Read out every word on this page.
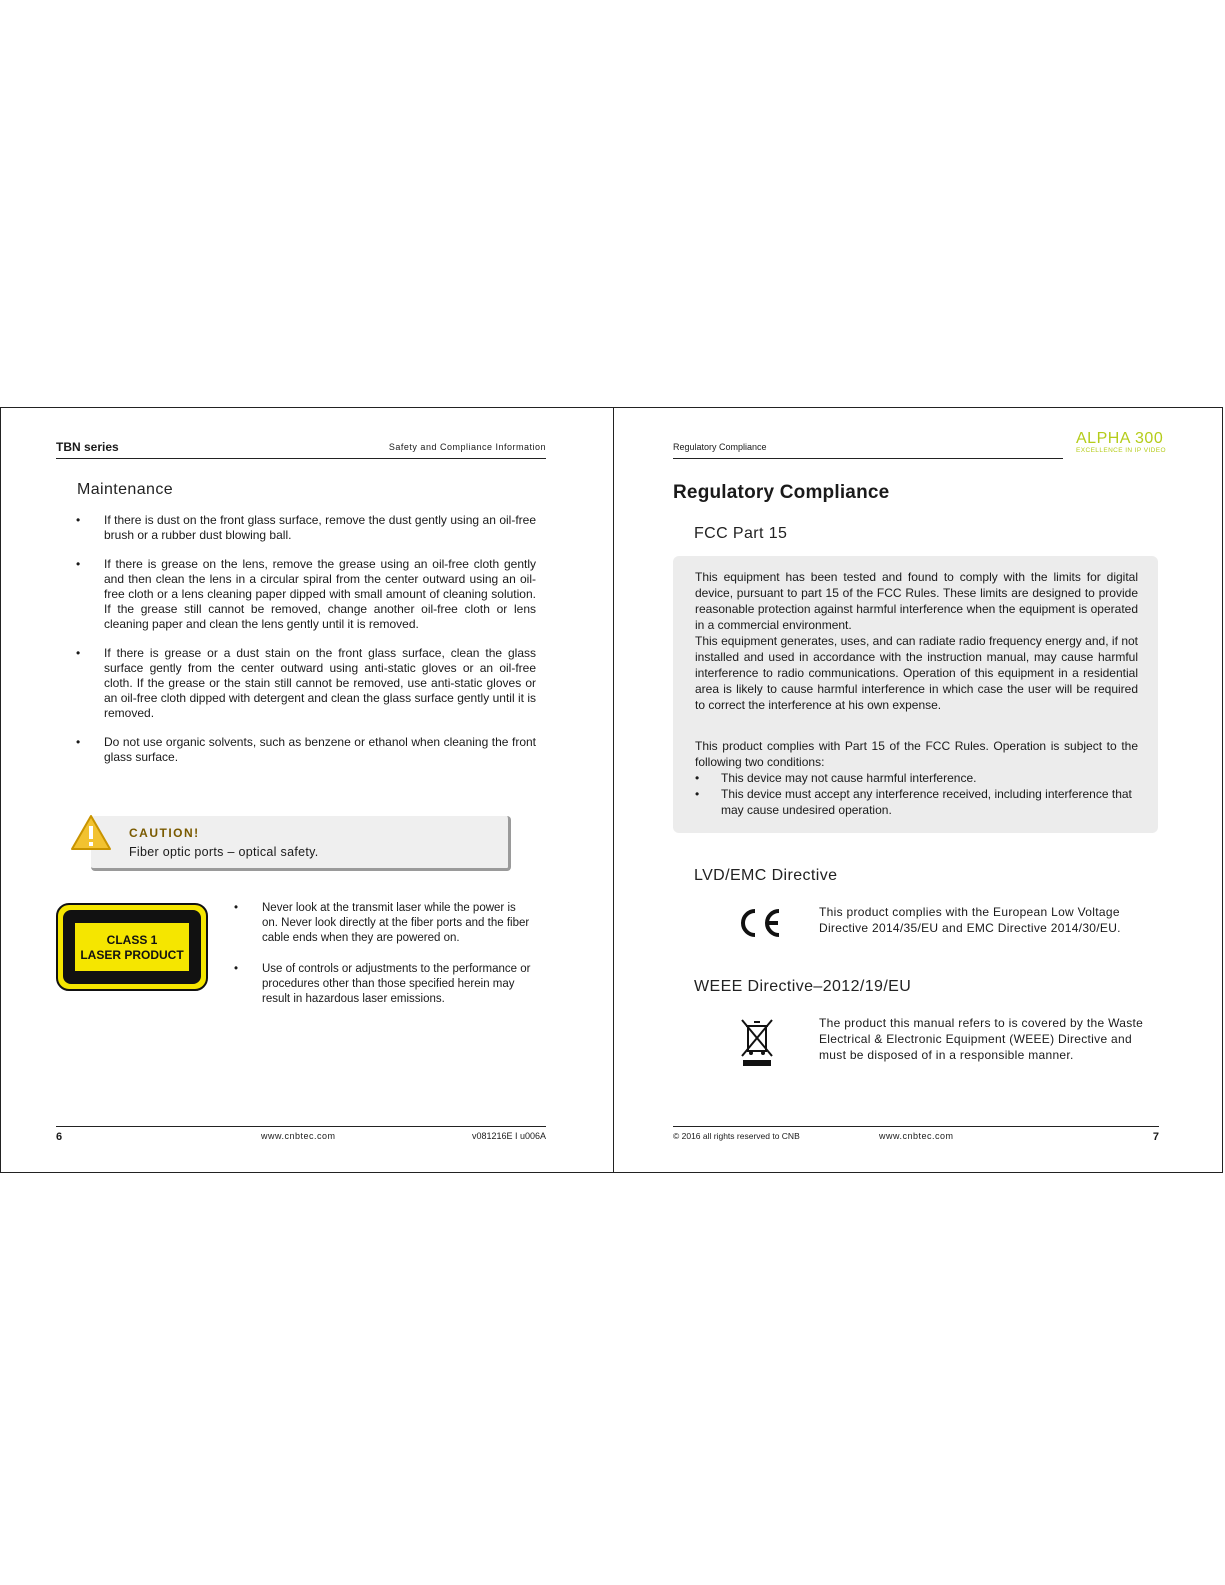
TBN series	Safety and Compliance Information
Maintenance
• If there is dust on the front glass surface, remove the dust gently using an oil-free brush or a rubber dust blowing ball.
• If there is grease on the lens, remove the grease using an oil-free cloth gently and then clean the lens in a circular spiral from the center outward using an oil-free cloth or a lens cleaning paper dipped with small amount of cleaning solution. If the grease still cannot be removed, change another oil-free cloth or lens cleaning paper and clean the lens gently until it is removed.
• If there is grease or a dust stain on the front glass surface, clean the glass surface gently from the center outward using anti-static gloves or an oil-free cloth. If the grease or the stain still cannot be removed, use anti-static gloves or an oil-free cloth dipped with detergent and clean the glass surface gently until it is removed.
• Do not use organic solvents, such as benzene or ethanol when cleaning the front glass surface.
CAUTION!
Fiber optic ports – optical safety.
CLASS 1
LASER PRODUCT
• Never look at the transmit laser while the power is on. Never look directly at the fiber ports and the fiber cable ends when they are powered on.
• Use of controls or adjustments to the performance or procedures other than those specified herein may result in hazardous laser emissions.
6	www.cnbtec.com	v081216E I u006A
Regulatory Compliance	ALPHA 300
EXCELLENCE IN IP VIDEO
Regulatory Compliance
FCC Part 15

This equipment has been tested and found to comply with the limits for digital device, pursuant to part 15 of the FCC Rules. These limits are designed to provide reasonable protection against harmful interference when the equipment is operated in a commercial environment.

This equipment generates, uses, and can radiate radio frequency energy and, if not installed and used in accordance with the instruction manual, may cause harmful interference to radio communications. Operation of this equipment in a residential area is likely to cause harmful interference in which case the user will be required to correct the interference at his own expense.

This product complies with Part 15 of the FCC Rules. Operation is subject to the following two conditions:

• This device may not cause harmful interference.
• This device must accept any interference received, including interference that may cause undesired operation.
LVD/EMC Directive

This product complies with the European Low Voltage Directive 2014/35/EU and EMC Directive 2014/30/EU.

WEEE Directive–2012/19/EU

The product this manual refers to is covered by the Waste Electrical & Electronic Equipment (WEEE) Directive and must be disposed of in a responsible manner.

© 2016 all rights reserved to CNB	www.cnbtec.com	7
